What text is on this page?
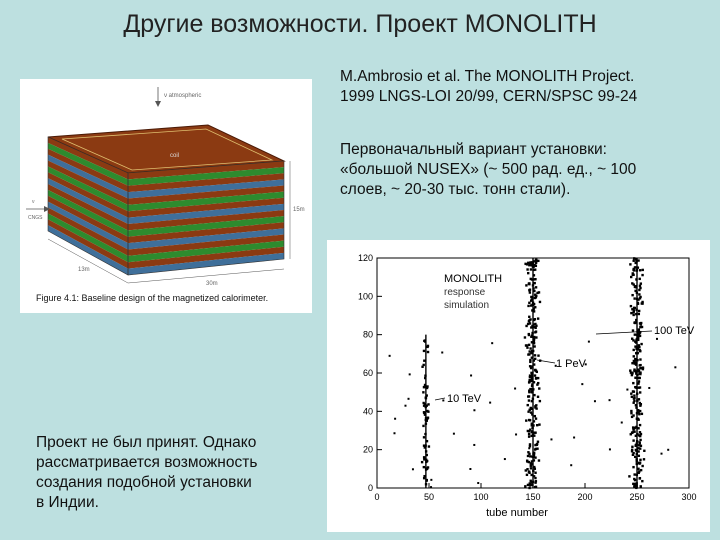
Другие возможности. Проект MONOLITH
M.Ambrosio et al. The MONOLITH Project.
1999 LNGS-LOI 20/99, CERN/SPSC 99-24
Первоначальный вариант установки:
«большой NUSEX» (~ 500 рад. ед., ~ 100
слоев, ~ 20-30 тыс. тонн стали).
Проект не был принят. Однако
рассматривается возможность
создания подобной установки
в Индии.
ν atmospheric
ν
CNGS
15m
30m
13m
coil
Figure 4.1: Baseline design of the magnetized calorimeter.
0	50	100	150	200	250	300
0
20
40
60
80
100
120
MONOLITH
response
simulation
100 TeV
1 PeV
10 TeV
tube number
